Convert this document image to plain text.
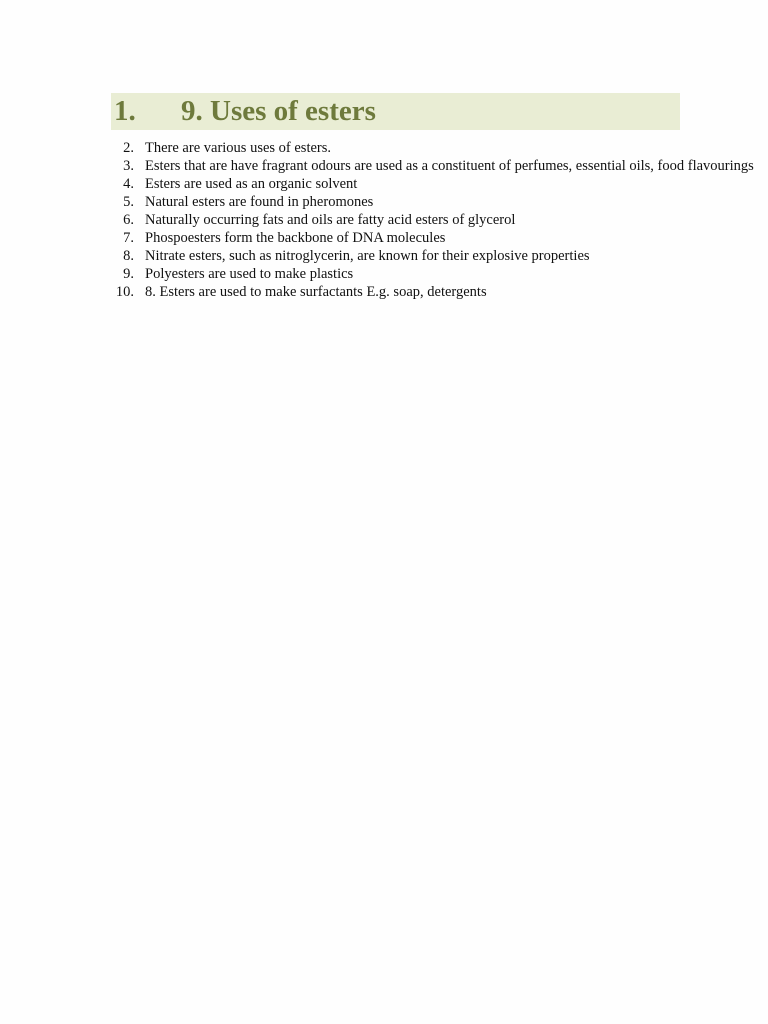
1. 9. Uses of esters
2. There are various uses of esters.
3. Esters that are have fragrant odours are used as a constituent of perfumes, essential oils, food flavourings
4. Esters are used as an organic solvent
5. Natural esters are found in pheromones
6. Naturally occurring fats and oils are fatty acid esters of glycerol
7. Phospoesters form the backbone of DNA molecules
8. Nitrate esters, such as nitroglycerin, are known for their explosive properties
9. Polyesters are used to make plastics
10. 8. Esters are used to make surfactants E.g. soap, detergents
